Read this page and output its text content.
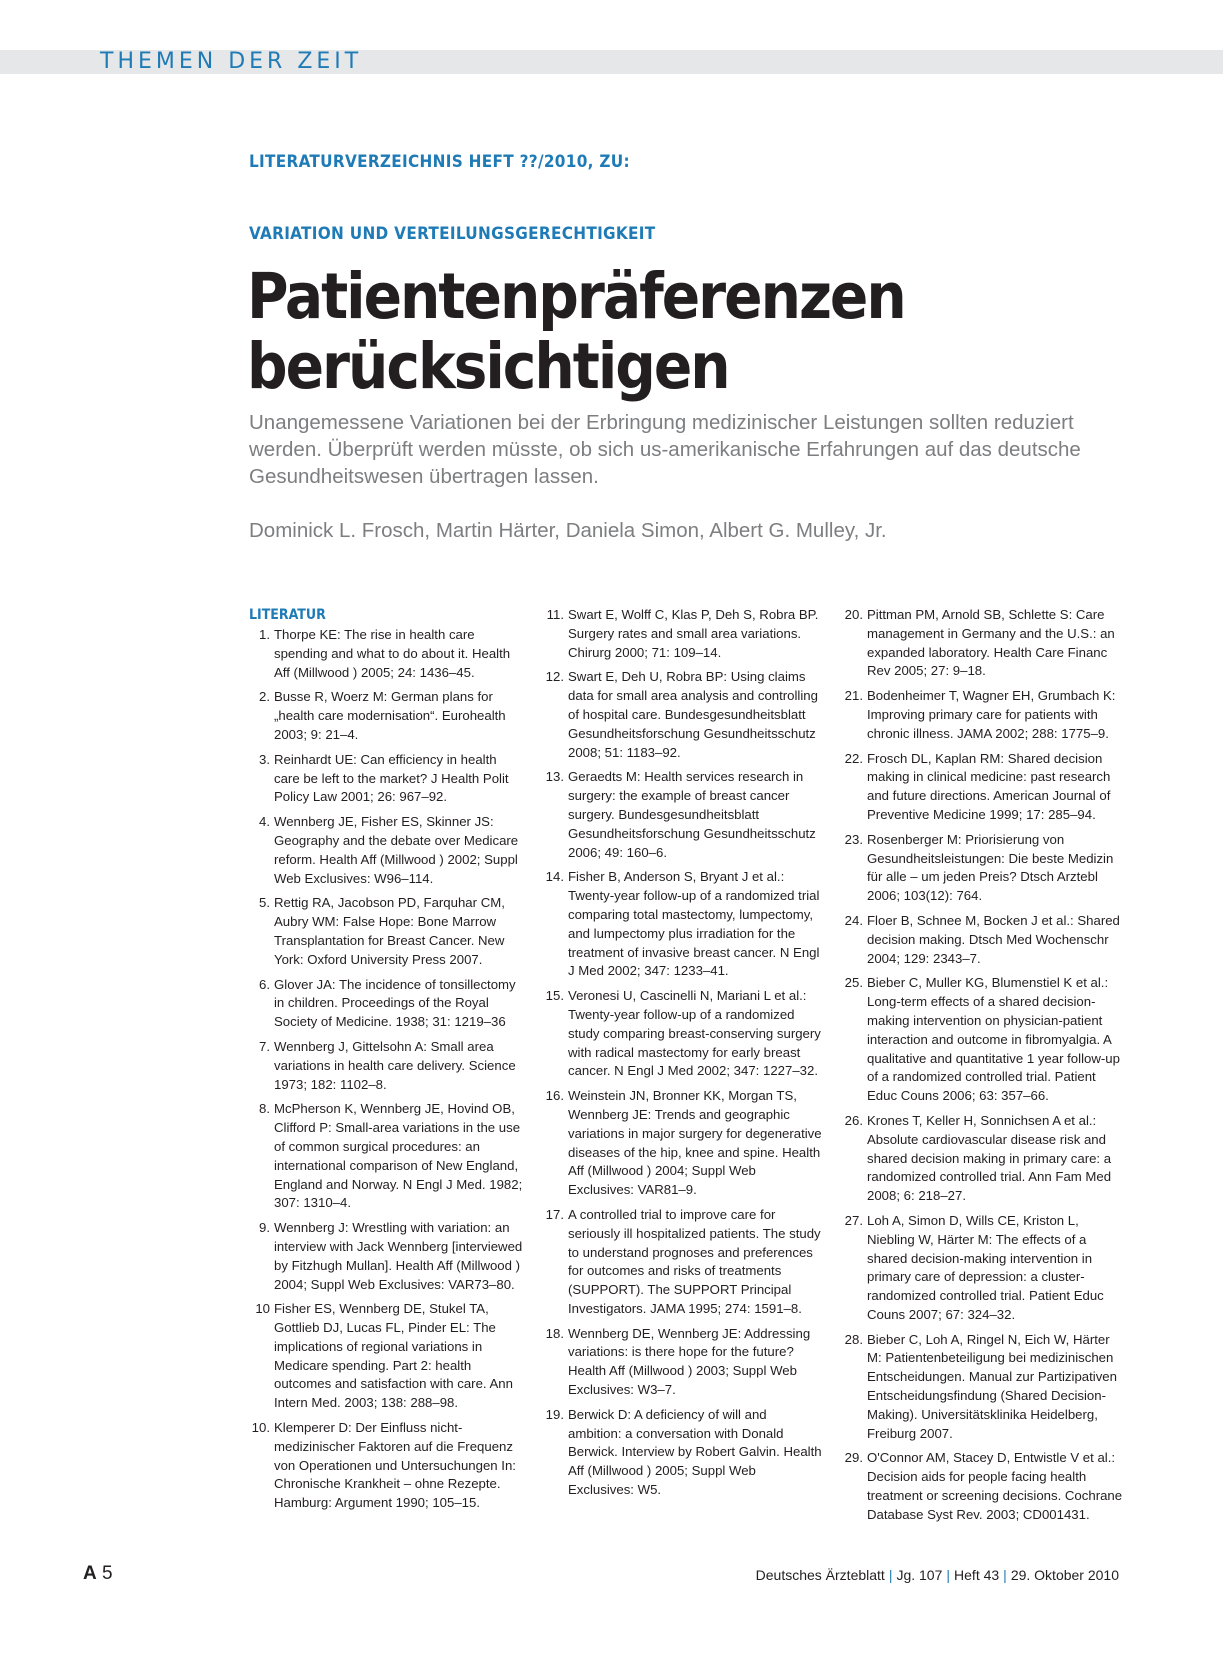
THEMEN DER ZEIT
LITERATURVERZEICHNIS HEFT ??/2010, ZU:
VARIATION UND VERTEILUNGSGERECHTIGKEIT
Patientenpräferenzen
berücksichtigen

Unangemessene Variationen bei der Erbringung medizinischer Leistungen sollten reduziert werden. Überprüft werden müsste, ob sich us-amerikanische Erfahrungen auf das deutsche Gesundheitswesen übertragen lassen.

Dominick L. Frosch, Martin Härter, Daniela Simon, Albert G. Mulley, Jr.

LITERATUR
1. Thorpe KE: The rise in health care spending and what to do about it. Health Aff (Millwood ) 2005; 24: 1436–45.
2. Busse R, Woerz M: German plans for „health care modernisation“. Eurohealth 2003; 9: 21–4.
3. Reinhardt UE: Can efficiency in health care be left to the market? J Health Polit Policy Law 2001; 26: 967–92.
4. Wennberg JE, Fisher ES, Skinner JS: Geography and the debate over Medicare reform. Health Aff (Millwood ) 2002; Suppl Web Exclusives: W96–114.
5. Rettig RA, Jacobson PD, Farquhar CM, Aubry WM: False Hope: Bone Marrow Transplantation for Breast Cancer. New York: Oxford University Press 2007.
6. Glover JA: The incidence of tonsillectomy in children. Proceedings of the Royal Society of Medicine. 1938; 31: 1219–36
7. Wennberg J, Gittelsohn A: Small area variations in health care delivery. Science 1973; 182: 1102–8.
8. McPherson K, Wennberg JE, Hovind OB, Clifford P: Small-area variations in the use of common surgical procedures: an international comparison of New England, England and Norway. N Engl J Med. 1982; 307: 1310–4.
9. Wennberg J: Wrestling with variation: an interview with Jack Wennberg [interviewed by Fitzhugh Mullan]. Health Aff (Millwood ) 2004; Suppl Web Exclusives: VAR73–80.
10 Fisher ES, Wennberg DE, Stukel TA, Gottlieb DJ, Lucas FL, Pinder EL: The implications of regional variations in Medicare spending. Part 2: health outcomes and satisfaction with care. Ann Intern Med. 2003; 138: 288–98.
10. Klemperer D: Der Einfluss nicht-medizinischer Faktoren auf die Frequenz von Operationen und Untersuchungen In: Chronische Krankheit – ohne Rezepte. Hamburg: Argument 1990; 105–15.
11. Swart E, Wolff C, Klas P, Deh S, Robra BP. Surgery rates and small area variations. Chirurg 2000; 71: 109–14.
12. Swart E, Deh U, Robra BP: Using claims data for small area analysis and controlling of hospital care. Bundesgesundheitsblatt Gesundheitsforschung Gesundheitsschutz 2008; 51: 1183–92.
13. Geraedts M: Health services research in surgery: the example of breast cancer surgery. Bundesgesundheitsblatt Gesundheitsforschung Gesundheitsschutz 2006; 49: 160–6.
14. Fisher B, Anderson S, Bryant J et al.: Twenty-year follow-up of a randomized trial comparing total mastectomy, lumpectomy, and lumpectomy plus irradiation for the treatment of invasive breast cancer. N Engl J Med 2002; 347: 1233–41.
15. Veronesi U, Cascinelli N, Mariani L et al.: Twenty-year follow-up of a randomized study comparing breast-conserving surgery with radical mastectomy for early breast cancer. N Engl J Med 2002; 347: 1227–32.
16. Weinstein JN, Bronner KK, Morgan TS, Wennberg JE: Trends and geographic variations in major surgery for degenerative diseases of the hip, knee and spine. Health Aff (Millwood ) 2004; Suppl Web Exclusives: VAR81–9.
17. A controlled trial to improve care for seriously ill hospitalized patients. The study to understand prognoses and preferences for outcomes and risks of treatments (SUPPORT). The SUPPORT Principal Investigators. JAMA 1995; 274: 1591–8.
18. Wennberg DE, Wennberg JE: Addressing variations: is there hope for the future? Health Aff (Millwood ) 2003; Suppl Web Exclusives: W3–7.
19. Berwick D: A deficiency of will and ambition: a conversation with Donald Berwick. Interview by Robert Galvin. Health Aff (Millwood ) 2005; Suppl Web Exclusives: W5.
20. Pittman PM, Arnold SB, Schlette S: Care management in Germany and the U.S.: an expanded laboratory. Health Care Financ Rev 2005; 27: 9–18.
21. Bodenheimer T, Wagner EH, Grumbach K: Improving primary care for patients with chronic illness. JAMA 2002; 288: 1775–9.
22. Frosch DL, Kaplan RM: Shared decision making in clinical medicine: past research and future directions. American Journal of Preventive Medicine 1999; 17: 285–94.
23. Rosenberger M: Priorisierung von Gesundheitsleistungen: Die beste Medizin für alle – um jeden Preis? Dtsch Arztebl 2006; 103(12): 764.
24. Floer B, Schnee M, Bocken J et al.: Shared decision making. Dtsch Med Wochenschr 2004; 129: 2343–7.
25. Bieber C, Muller KG, Blumenstiel K et al.: Long-term effects of a shared decision-making intervention on physician-patient interaction and outcome in fibromyalgia. A qualitative and quantitative 1 year follow-up of a randomized controlled trial. Patient Educ Couns 2006; 63: 357–66.
26. Krones T, Keller H, Sonnichsen A et al.: Absolute cardiovascular disease risk and shared decision making in primary care: a randomized controlled trial. Ann Fam Med 2008; 6: 218–27.
27. Loh A, Simon D, Wills CE, Kriston L, Niebling W, Härter M: The effects of a shared decision-making intervention in primary care of depression: a cluster-randomized controlled trial. Patient Educ Couns 2007; 67: 324–32.
28. Bieber C, Loh A, Ringel N, Eich W, Härter M: Patientenbeteiligung bei medizinischen Entscheidungen. Manual zur Partizipativen Entscheidungsfindung (Shared Decision-Making). Universitätsklinika Heidelberg, Freiburg 2007.
29. O'Connor AM, Stacey D, Entwistle V et al.: Decision aids for people facing health treatment or screening decisions. Cochrane Database Syst Rev. 2003; CD001431.
A 5	Deutsches Ärzteblatt | Jg. 107 | Heft 43 | 29. Oktober 2010
